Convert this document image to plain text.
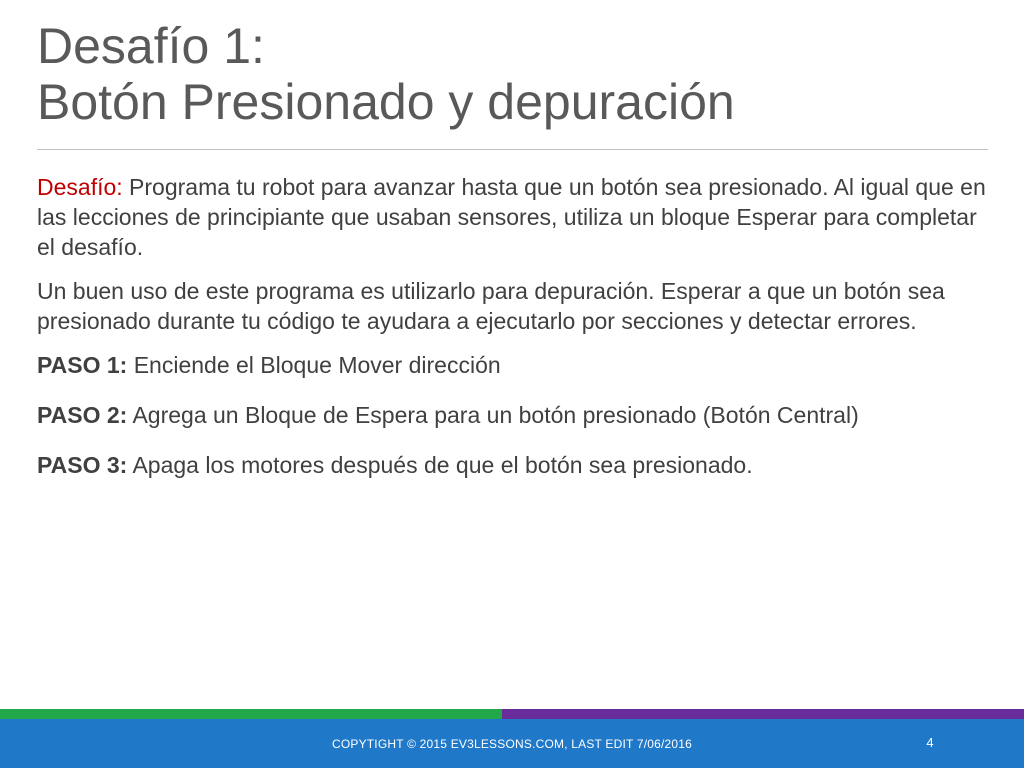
Desafío 1:
Botón Presionado y depuración

Desafío: Programa tu robot para avanzar hasta que un botón sea presionado. Al igual que en las lecciones de principiante que usaban sensores, utiliza un bloque Esperar para completar el desafío.

Un buen uso de este programa es utilizarlo para depuración. Esperar a que un botón sea presionado durante tu código te ayudara a ejecutarlo por secciones y detectar errores.

PASO 1: Enciende el Bloque Mover dirección

PASO 2: Agrega un Bloque de Espera para un botón presionado (Botón Central)

PASO 3: Apaga los motores después de que el botón sea presionado.

COPYTIGHT © 2015 EV3LESSONS.COM, LAST EDIT 7/06/2016	4
